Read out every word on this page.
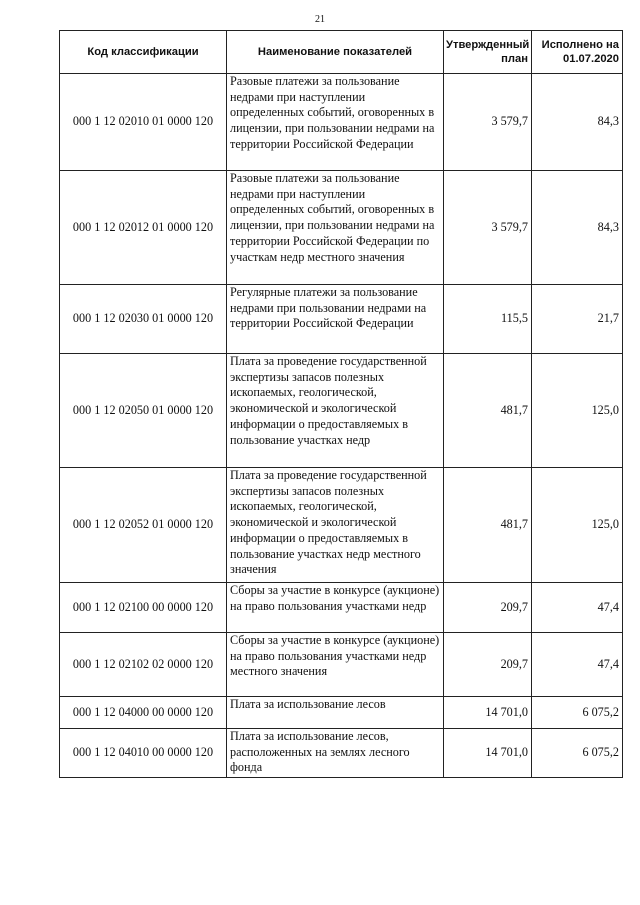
21
Код классификации	Наименование показателей	Утвержденный план	Исполнено на 01.07.2020
000 1 12 02010 01 0000 120	Разовые платежи за пользование недрами при наступлении определенных событий, оговоренных в лицензии, при пользовании недрами на территории Российской Федерации	3 579,7	84,3
000 1 12 02012 01 0000 120	Разовые платежи за пользование недрами при наступлении определенных событий, оговоренных в лицензии, при пользовании недрами на территории Российской Федерации по участкам недр местного значения	3 579,7	84,3
000 1 12 02030 01 0000 120	Регулярные платежи за пользование недрами при пользовании недрами на территории Российской Федерации	115,5	21,7
000 1 12 02050 01 0000 120	Плата за проведение государственной экспертизы запасов полезных ископаемых, геологической, экономической и экологической информации о предоставляемых в пользование участках недр	481,7	125,0
000 1 12 02052 01 0000 120	Плата за проведение государственной экспертизы запасов полезных ископаемых, геологической, экономической и экологической информации о предоставляемых в пользование участках недр местного значения	481,7	125,0
000 1 12 02100 00 0000 120	Сборы за участие в конкурсе (аукционе) на право пользования участками недр	209,7	47,4
000 1 12 02102 02 0000 120	Сборы за участие в конкурсе (аукционе) на право пользования участками недр местного значения	209,7	47,4
000 1 12 04000 00 0000 120	Плата за использование лесов	14 701,0	6 075,2
000 1 12 04010 00 0000 120	Плата за использование лесов, расположенных на землях лесного фонда	14 701,0	6 075,2
